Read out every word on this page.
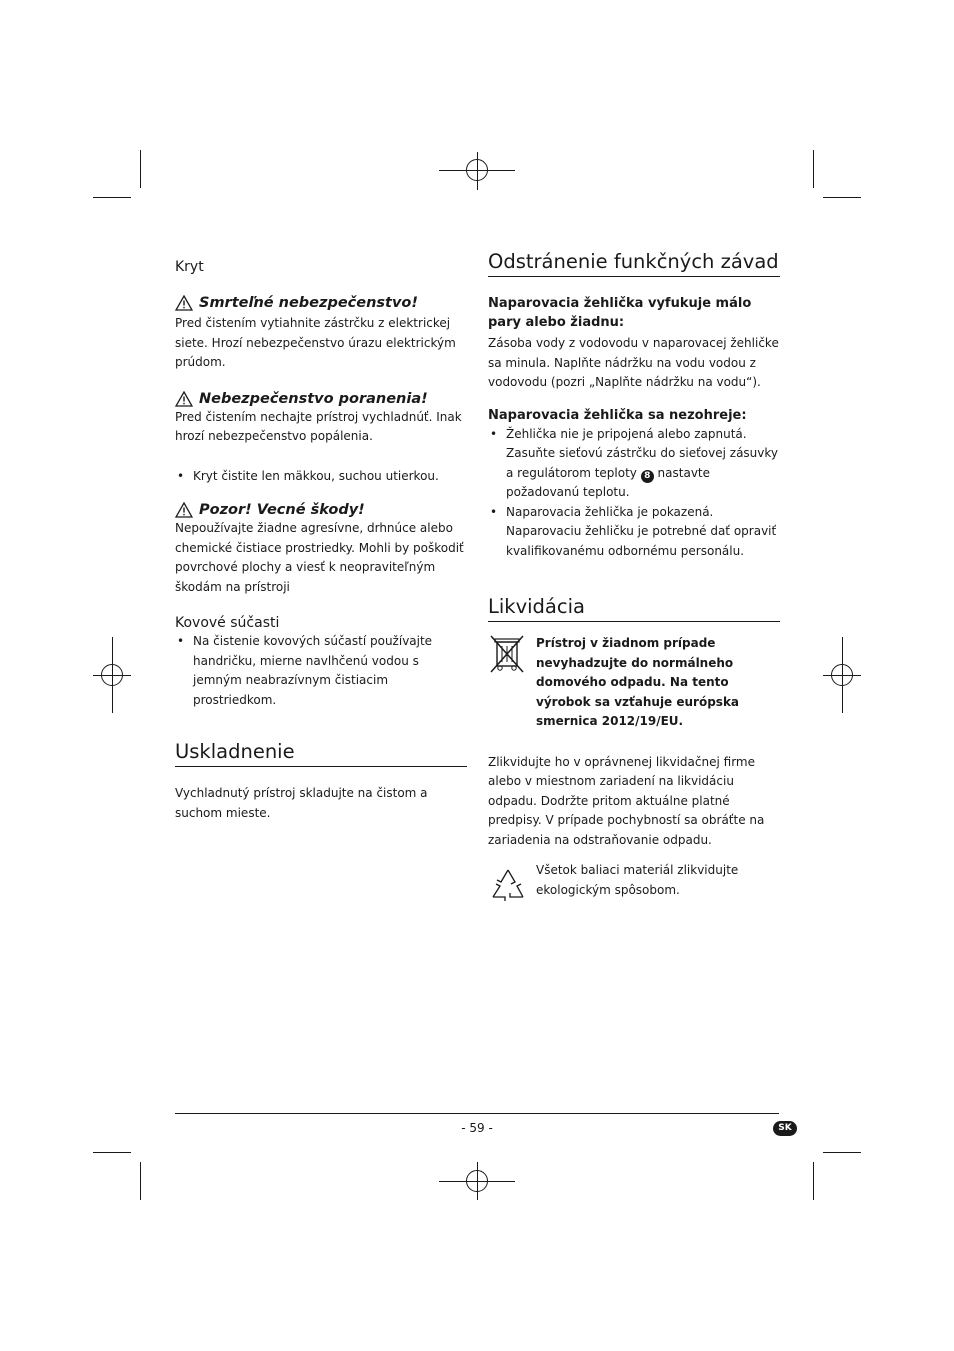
Kryt

Smrteľné nebezpečenstvo!

Pred čistením vytiahnite zástrčku z elektrickej siete. Hrozí nebezpečenstvo úrazu elektrickým prúdom.

Nebezpečenstvo poranenia!

Pred čistením nechajte prístroj vychladnúť. Inak hrozí nebezpečenstvo popálenia.

• Kryt čistite len mäkkou, suchou utierkou.

Pozor! Vecné škody!

Nepoužívajte žiadne agresívne, drhnúce alebo chemické čistiace prostriedky. Mohli by poškodiť povrchové plochy a viesť k neopraviteľným škodám na prístroji

Kovové súčasti

• Na čistenie kovových súčastí používajte handričku, mierne navlhčenú vodou s jemným neabrazívnym čistiacim prostriedkom.
Uskladnenie

Vychladnutý prístroj skladujte na čistom a suchom mieste.

Odstránenie funkčných závad

Naparovacia žehlička vyfukuje málo pary alebo žiadnu:

Zásoba vody z vodovodu v naparovacej žehličke sa minula. Naplňte nádržku na vodu vodou z vodovodu (pozri „Naplňte nádržku na vodu“).

Naparovacia žehlička sa nezohreje:

• Žehlička nie je pripojená alebo zapnutá. Zasuňte sieťovú zástrčku do sieťovej zásuvky a regulátorom teploty 8 nastavte požadovanú teplotu.
• Naparovacia žehlička je pokazená. Naparovaciu žehličku je potrebné dať opraviť kvalifikovanému odbornému personálu.
Likvidácia

Prístroj v žiadnom prípade nevyhadzujte do normálneho domového odpadu. Na tento výrobok sa vzťahuje európska smernica 2012/19/EU.

Zlikvidujte ho v oprávnenej likvidačnej firme alebo v miestnom zariadení na likvidáciu odpadu. Dodržte pritom aktuálne platné predpisy. V prípade pochybností sa obráťte na zariadenia na odstraňovanie odpadu.

Všetok baliaci materiál zlikvidujte ekologickým spôsobom.

- 59 -	SK
